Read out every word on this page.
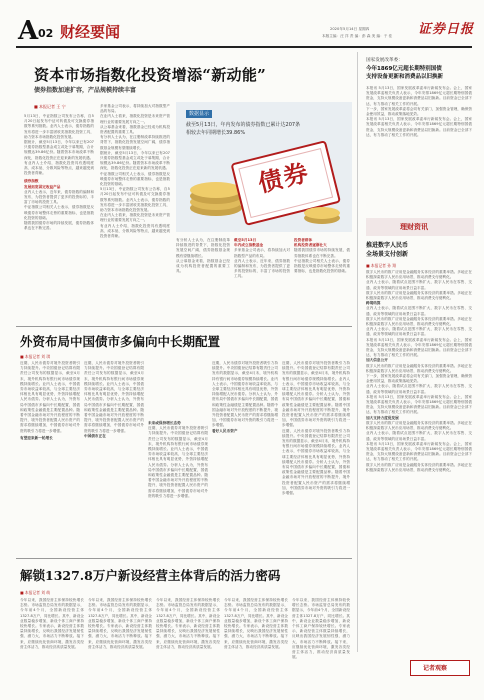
A 02 财经要闻	2020年5月14日 星期四
本版主编：汪 洋 责 编：彭 森 美 编：于 佳	证券日报
资本市场指数化投资增添“新动能”
债券指数加速扩容，产品规模持续丰富
■ 本报记者 王 宁

5月13日，中证指数公司发布公告称，自5月20日起发布中证可转债及可交换债券指数等系列指数。业内人士表示，债券指数的发布将进一步丰富固收类指数化投资工具，助力资本市场指数化投资发展。

据统计，截至5月13日，今年以来已有207只债券指数型基金成立或处于募集期，合计规模达39.86亿份。随着资本市场改革不断深化，指数化投资正在迎来新的发展机遇。

有业内人士介绍，指数化投资具有透明度高、成本低、分散风险等特点，越来越受到投资者青睐。

债券指数

发展拓宽固定收益产品

业内人士表示，近年来，债券指数的编制和发布，为投资者提供了更多的投资标的，丰富了市场的投资工具。

中证指数公司相关人士表示，债券指数是反映债券市场整体走势的重要指标，也是指数化投资的基础。

随着我国债券市场的持续发展，债券指数体系也在不断完善。

多家基金公司表示，将持续加大对指数型产品的布局。

在业内人士看来，指数化投资是未来资产管理行业的重要发展方向之一。

从公募基金来看，指数基金已经成为机构投资者配置的重要工具。

有分析人士认为，在注册制改革持续推进的背景下，指数化投资发展空间广阔，债券指数基金规模有望继续增长。

据统计，截至5月13日，今年以来已有207只债券指数型基金成立或处于募集期，合计规模达39.86亿份。随着资本市场改革不断深化，指数化投资正在迎来新的发展机遇。

中证指数公司相关人士表示，债券指数是反映债券市场整体走势的重要指标，也是指数化投资的基础。

5月13日，中证指数公司发布公告称，自5月20日起发布中证可转债及可交换债券指数等系列指数。业内人士表示，债券指数的发布将进一步丰富固收类指数化投资工具，助力资本市场指数化投资发展。

在业内人士看来，指数化投资是未来资产管理行业的重要发展方向之一。

有业内人士介绍，指数化投资具有透明度高、成本低、分散风险等特点，越来越受到投资者青睐。

数据显示
截至5月13日，年内发布的债券指数已累计达207条
相较去年同期增长39.86%
债券

有分析人士认为，在注册制改革持续推进的背景下，指数化投资发展空间广阔，债券指数基金规模有望继续增长。

从公募基金来看，指数基金已经成为机构投资者配置的重要工具。

截至5月13日

年内成立指数基金

多家基金公司表示，将持续加大对指数型产品的布局。

业内人士表示，近年来，债券指数的编制和发布，为投资者提供了更多的投资标的，丰富了市场的投资工具。

投资者群体

机构投资者逐渐壮大

随着我国债券市场的持续发展，债券指数体系也在不断完善。

中证指数公司相关人士表示，债券指数是反映债券市场整体走势的重要指标，也是指数化投资的基础。

国家发展改革委：
今年1869亿元超长期特别国债
支持设备更新和消费品以旧换新

本报讯 5月13日，国家发展改革委举行新闻发布会。会上，国家发展改革委相关负责人表示，今年安排1869亿元超长期特别国债资金，支持大规模设备更新和消费品以旧换新。目前资金已全部下达，有力推动了相关工作的开展。

下一步，国家发展改革委将会同有关部门，加强资金管理，确保资金使用效益，推动政策落地见效。

本报讯 5月13日，国家发展改革委举行新闻发布会。会上，国家发展改革委相关负责人表示，今年安排1869亿元超长期特别国债资金，支持大规模设备更新和消费品以旧换新。目前资金已全部下达，有力推动了相关工作的开展。

理财资讯
推进数字人民币
全场景支付创新
■ 本报记者 孙 翔

数字人民币的推广应用是金融服务实体经济的重要举措。多地正在积极探索数字人民币应用场景，推动消费支付便利化。

业内人士表示，随着试点范围不断扩大，数字人民币在零售、交通、政务等领域的应用场景日益丰富。

数字人民币的推广应用是金融服务实体经济的重要举措。多地正在积极探索数字人民币应用场景，推动消费支付便利化。

跨境结算

业内人士表示，随着试点范围不断扩大，数字人民币在零售、交通、政务等领域的应用场景日益丰富。

数字人民币的推广应用是金融服务实体经济的重要举措。多地正在积极探索数字人民币应用场景，推动消费支付便利化。

业内人士表示，随着试点范围不断扩大，数字人民币在零售、交通、政务等领域的应用场景日益丰富。

本报讯 5月13日，国家发展改革委举行新闻发布会。会上，国家发展改革委相关负责人表示，今年安排1869亿元超长期特别国债资金，支持大规模设备更新和消费品以旧换新。目前资金已全部下达，有力推动了相关工作的开展。

加大信息公开

数字人民币的推广应用是金融服务实体经济的重要举措。多地正在积极探索数字人民币应用场景，推动消费支付便利化。

下一步，国家发展改革委将会同有关部门，加强资金管理，确保资金使用效益，推动政策落地见效。

业内人士表示，随着试点范围不断扩大，数字人民币在零售、交通、政务等领域的应用场景日益丰富。

本报讯 5月13日，国家发展改革委举行新闻发布会。会上，国家发展改革委相关负责人表示，今年安排1869亿元超长期特别国债资金，支持大规模设备更新和消费品以旧换新。目前资金已全部下达，有力推动了相关工作的开展。

加大支持力度促发展

数字人民币的推广应用是金融服务实体经济的重要举措。多地正在积极探索数字人民币应用场景，推动消费支付便利化。

业内人士表示，随着试点范围不断扩大，数字人民币在零售、交通、政务等领域的应用场景日益丰富。

本报讯 5月13日，国家发展改革委举行新闻发布会。会上，国家发展改革委相关负责人表示，今年安排1869亿元超长期特别国债资金，支持大规模设备更新和消费品以旧换新。目前资金已全部下达，有力推动了相关工作的开展。

数字人民币的推广应用是金融服务实体经济的重要举措。多地正在积极探索数字人民币应用场景，推动消费支付便利化。

外资布局中国债市多偏向中长期配置
■ 本报记者 刘 琪

近期，人民币债券对境外投资者吸引力持续提升。中央国债登记结算有限责任公司发布的数据显示，截至4月末，境外机构持有银行间市场债券规模持续增长。业内人士表示，中国债券市场收益率较高，与全球主要经济体相比具有明显优势，外资持续增配人民币债券。分析人士认为，外资布局中国债市多偏向中长期配置，国债和政策性金融债是主要配置品种。随着中国金融市场对外开放程度的不断提升，境外投资者配置人民币资产的需求将继续增加，中国债券市场对外资的吸引力将进一步增强。

有望迎来新一轮增长

近期，人民币债券对境外投资者吸引力持续提升。中央国债登记结算有限责任公司发布的数据显示，截至4月末，境外机构持有银行间市场债券规模持续增长。业内人士表示，中国债券市场收益率较高，与全球主要经济体相比具有明显优势，外资持续增配人民币债券。分析人士认为，外资布局中国债市多偏向中长期配置，国债和政策性金融债是主要配置品种。随着中国金融市场对外开放程度的不断提升，境外投资者配置人民币资产的需求将继续增加，中国债券市场对外资的吸引力将进一步增强。

中国债市正在

未来或保持增长态势

近期，人民币债券对境外投资者吸引力持续提升。中央国债登记结算有限责任公司发布的数据显示，截至4月末，境外机构持有银行间市场债券规模持续增长。业内人士表示，中国债券市场收益率较高，与全球主要经济体相比具有明显优势，外资持续增配人民币债券。分析人士认为，外资布局中国债市多偏向中长期配置，国债和政策性金融债是主要配置品种。随着中国金融市场对外开放程度的不断提升，境外投资者配置人民币资产的需求将继续增加，中国债券市场对外资的吸引力将进一步增强。

近期，人民币债券对境外投资者吸引力持续提升。中央国债登记结算有限责任公司发布的数据显示，截至4月末，境外机构持有银行间市场债券规模持续增长。业内人士表示，中国债券市场收益率较高，与全球主要经济体相比具有明显优势，外资持续增配人民币债券。分析人士认为，外资布局中国债市多偏向中长期配置，国债和政策性金融债是主要配置品种。随着中国金融市场对外开放程度的不断提升，境外投资者配置人民币资产的需求将继续增加，中国债券市场对外资的吸引力将进一步增强。

看好人民币资产

近期，人民币债券对境外投资者吸引力持续提升。中央国债登记结算有限责任公司发布的数据显示，截至4月末，境外机构持有银行间市场债券规模持续增长。业内人士表示，中国债券市场收益率较高，与全球主要经济体相比具有明显优势，外资持续增配人民币债券。分析人士认为，外资布局中国债市多偏向中长期配置，国债和政策性金融债是主要配置品种。随着中国金融市场对外开放程度的不断提升，境外投资者配置人民币资产的需求将继续增加，中国债券市场对外资的吸引力将进一步增强。

近期，人民币债券对境外投资者吸引力持续提升。中央国债登记结算有限责任公司发布的数据显示，截至4月末，境外机构持有银行间市场债券规模持续增长。业内人士表示，中国债券市场收益率较高，与全球主要经济体相比具有明显优势，外资持续增配人民币债券。分析人士认为，外资布局中国债市多偏向中长期配置，国债和政策性金融债是主要配置品种。随着中国金融市场对外开放程度的不断提升，境外投资者配置人民币资产的需求将继续增加，中国债券市场对外资的吸引力将进一步增强。

解锁1327.8万户新设经营主体背后的活力密码
■ 本报记者 刘 萌

今年以来，我国经营主体保持较快增长态势。市场监管总局发布的数据显示，今年前4个月，全国新设经营主体1327.8万户，同比增长。其中，新设企业数量稳步增加，新设个体工商户保持较快增长。专家表示，新设经营主体数量持续增长，反映出我国经济发展韧性强、潜力大，市场活力不断释放。接下来，应继续优化营商环境，激发各类经营主体活力，推动经济高质量发展。

今年以来，我国经营主体保持较快增长态势。市场监管总局发布的数据显示，今年前4个月，全国新设经营主体1327.8万户，同比增长。其中，新设企业数量稳步增加，新设个体工商户保持较快增长。专家表示，新设经营主体数量持续增长，反映出我国经济发展韧性强、潜力大，市场活力不断释放。接下来，应继续优化营商环境，激发各类经营主体活力，推动经济高质量发展。

今年以来，我国经营主体保持较快增长态势。市场监管总局发布的数据显示，今年前4个月，全国新设经营主体1327.8万户，同比增长。其中，新设企业数量稳步增加，新设个体工商户保持较快增长。专家表示，新设经营主体数量持续增长，反映出我国经济发展韧性强、潜力大，市场活力不断释放。接下来，应继续优化营商环境，激发各类经营主体活力，推动经济高质量发展。

今年以来，我国经营主体保持较快增长态势。市场监管总局发布的数据显示，今年前4个月，全国新设经营主体1327.8万户，同比增长。其中，新设企业数量稳步增加，新设个体工商户保持较快增长。专家表示，新设经营主体数量持续增长，反映出我国经济发展韧性强、潜力大，市场活力不断释放。接下来，应继续优化营商环境，激发各类经营主体活力，推动经济高质量发展。

今年以来，我国经营主体保持较快增长态势。市场监管总局发布的数据显示，今年前4个月，全国新设经营主体1327.8万户，同比增长。其中，新设企业数量稳步增加，新设个体工商户保持较快增长。专家表示，新设经营主体数量持续增长，反映出我国经济发展韧性强、潜力大，市场活力不断释放。接下来，应继续优化营商环境，激发各类经营主体活力，推动经济高质量发展。

记者观察
